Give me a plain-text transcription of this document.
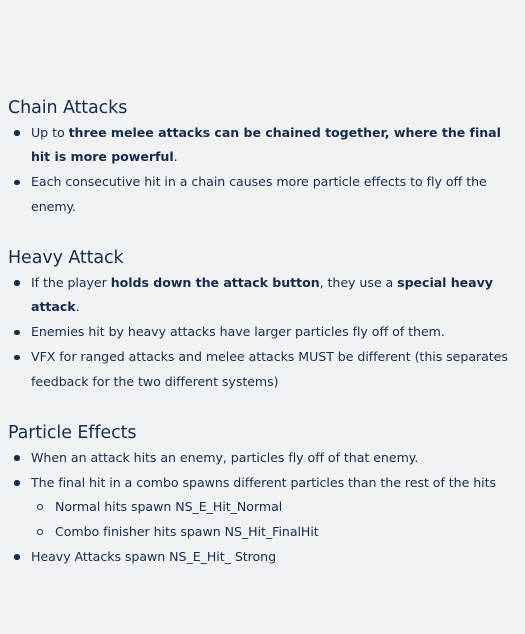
Chain Attacks
Up to three melee attacks can be chained together, where the final hit is more powerful.
Each consecutive hit in a chain causes more particle effects to fly off the enemy.
Heavy Attack
If the player holds down the attack button, they use a special heavy attack.
Enemies hit by heavy attacks have larger particles fly off of them.
VFX for ranged attacks and melee attacks MUST be different (this separates feedback for the two different systems)
Particle Effects
When an attack hits an enemy, particles fly off of that enemy.
The final hit in a combo spawns different particles than the rest of the hits
Normal hits spawn NS_E_Hit_Normal
Combo finisher hits spawn NS_Hit_FinalHit
Heavy Attacks spawn NS_E_Hit_ Strong
